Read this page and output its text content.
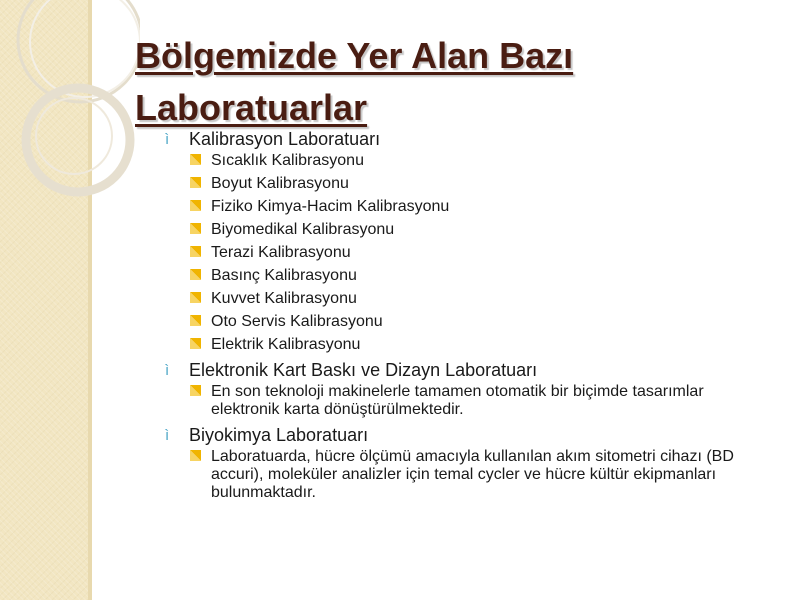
Bölgemizde Yer Alan Bazı Laboratuarlar
ì Kalibrasyon Laboratuarı
Sıcaklık Kalibrasyonu
Boyut Kalibrasyonu
Fiziko Kimya-Hacim Kalibrasyonu
Biyomedikal Kalibrasyonu
Terazi Kalibrasyonu
Basınç Kalibrasyonu
Kuvvet Kalibrasyonu
Oto Servis Kalibrasyonu
Elektrik Kalibrasyonu
ì Elektronik Kart Baskı ve Dizayn Laboratuarı
En son teknoloji makinelerle tamamen otomatik bir biçimde tasarımlar elektronik karta dönüştürülmektedir.
ì Biyokimya Laboratuarı
Laboratuarda, hücre ölçümü amacıyla kullanılan akım sitometri cihazı (BD accuri), moleküler analizler için temal cycler ve hücre kültür ekipmanları bulunmaktadır.
